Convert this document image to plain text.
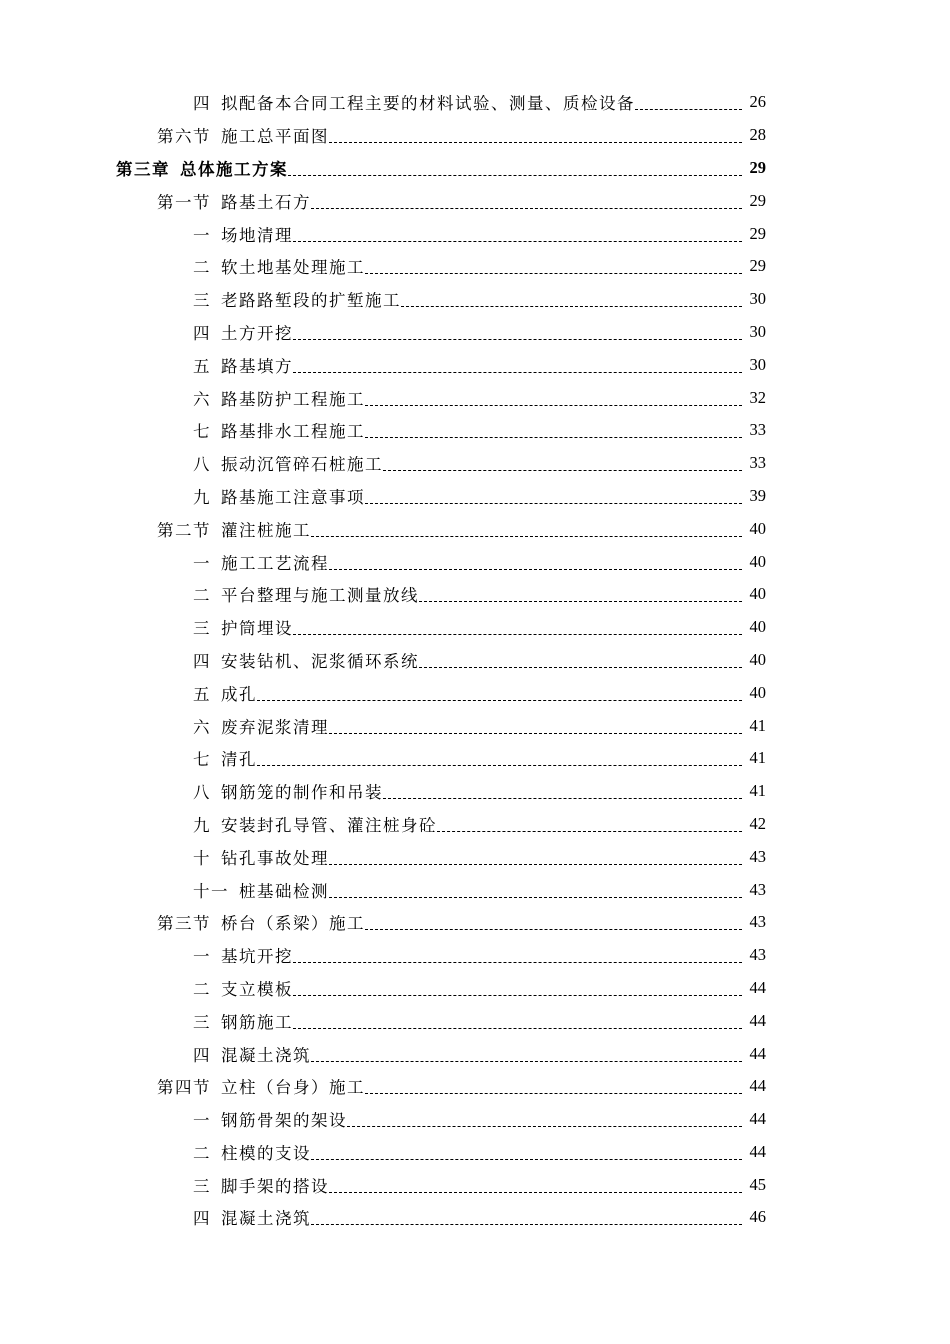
四 拟配备本合同工程主要的材料试验、测量、质检设备	26
第六节 施工总平面图	28
第三章 总体施工方案	29
第一节 路基土石方	29
一 场地清理	29
二 软土地基处理施工	29
三 老路路堑段的扩堑施工	30
四 土方开挖	30
五 路基填方	30
六 路基防护工程施工	32
七 路基排水工程施工	33
八 振动沉管碎石桩施工	33
九 路基施工注意事项	39
第二节 灌注桩施工	40
一 施工工艺流程	40
二 平台整理与施工测量放线	40
三 护筒埋设	40
四 安装钻机、泥浆循环系统	40
五 成孔	40
六 废弃泥浆清理	41
七 清孔	41
八 钢筋笼的制作和吊装	41
九 安装封孔导管、灌注桩身砼	42
十 钻孔事故处理	43
十一 桩基础检测	43
第三节 桥台（系梁）施工	43
一 基坑开挖	43
二 支立模板	44
三 钢筋施工	44
四 混凝土浇筑	44
第四节 立柱（台身）施工	44
一 钢筋骨架的架设	44
二 柱模的支设	44
三 脚手架的搭设	45
四 混凝土浇筑	46
